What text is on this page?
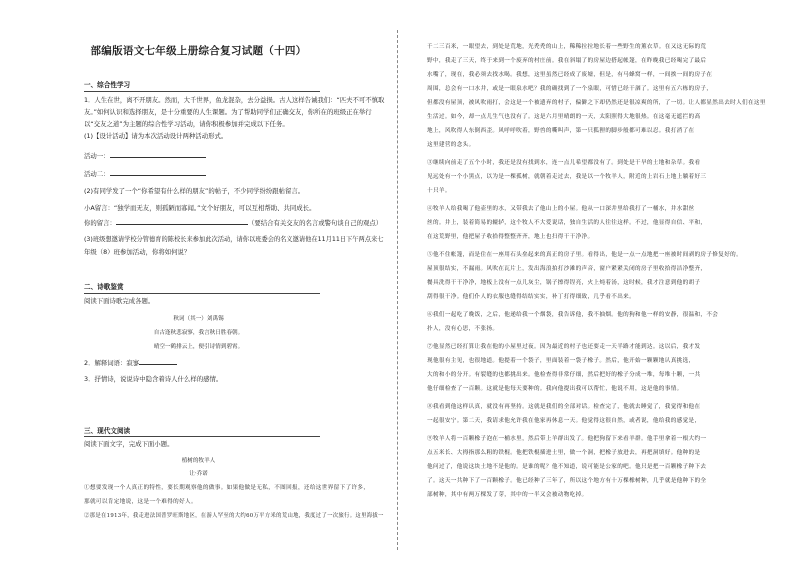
部编版语文七年级上册综合复习试题（十四）
一、综合性学习
1．人生在世，离不开朋友。然而，大千世界，鱼龙混杂，去分益损。古人这样告诫我们：“匹夫不可不慎取
友。”如何认识和选择朋友，是十分重要的人生课题。为了帮助同学们正确交友，你所在的班级正在举行
以“交友之道”为主题的综合性学习活动，请你积极参加并完成以下任务。
(1)【设计活动】请为本次活动设计两种活动形式。
活动一：
活动二：
(2)有同学发了一个“你希望有什么样的朋友”的帖子，不少同学纷纷跟帖留言。
小A留言：“独学而无友，则孤陋而寡闻。”文个好朋友，可以互相帮助、共同成长。
你的留言：	（要结合有关交友的名言或警句谈自己的观点）
(3)班级想邀请学校分管德育的陈校长来参加此次活动，请你以班委会的名义邀请他在11月11日下午两点来七
年级（8）班参加活动，你将如何说？
二、诗歌鉴赏
阅读下面诗歌完成各题。
秋词（其一）刘禹锡
自古逢秋悲寂寥，我言秋日胜春朝。
晴空一鹤排云上，便引诗情到碧霄。
2．解释词语：寂寥
3．抒情诗，说说诗中隐含着诗人什么样的感情。
三、现代文阅读
阅读下面文字，完成下面小题。
植树的牧羊人
让·乔诺
①想要发现一个人真正的特性，要长期观察他的做事。如果他做是无私，不图回报，还给这世界留下了许多，
那就可以肯定地说，这是一个难得的好人。
②那是在1913年，我走进法国普罗旺斯地区，在游人罕至的大约60万平方米的荒山地，我度过了一次旅行。这里海拔一
千二三百米，一眼望去，到处是荒地，光秃秃的山上，稀稀拉拉地长着一些野生的薰衣草。在又这无际的荒
野中，我走了三天，终于来到一个废弃的村庄前。我在斜塌了的房屋边搭起帐篷，在昨晚我已经喝完了最后
水嘴了，现在，我必须去找水喝。我想，这里虽然已经成了废墟，但是，有马蜂窝一样，一间挨一间的房子在
周围，总会有一口水井，或是一眼泉水吧？我的确找到了一个泉眼，可惜已经干涸了。这里有五六栋的房子，
但都没有屋顶，被风吹雨打，会这是一个被遗弃的村子，偏僻之下却仍然还是很凉爽的所，了一切。让人都显然出去时人们在这里
生活过。如今，却一点儿生气也没有了。这是六月里晴朗的一天，太阳照得大地很热。在这毫无遮拦的高
地上，风吹得人东倒西歪。风呼呼吹着，野兽的嘶叫声，第一只狐狸的脚步般都可难以忍。我打消了在
这里建营的念头。
③继续向前走了五个小时，我还是没有找到水，连一点儿希望都没有了。到处是干旱的土地和杂草。我看
见远处有一个小黑点，以为是一棵孤树，就朝着走过去，我是以一个牧羊人，附近的上岩石上地上躺着好三
十只羊。
④牧羊人给我喝了他壶里的水，又带我去了他山上的小屋。他从一口深井里给我打了一桶水，井水甜丝
丝的。井上，装着简易的辘轳，这个牧人不大爱说话，独自生活的人往往这样。不过，他显得自信、平和，
在这荒野里，他把屋子收拾得整整齐齐，地上也扫得干干净净。
⑤他不住帐篷，而是住在一座用石头垒起来的真正的房子里。看得出，他是一点一点地把一座被时间剥的房子修复好的。
屋顶很结实，不漏雨。风吹在瓦片上，发出海浪拍打沙滩的声音，窗户紧紧关闭的房子里收拾得洁净整齐，
餐具洗得干干净净，地板上没有一点儿灰尘，锅子擦得锃亮，火上炖着汤，这时候，我才注意到他的胡子
刮得很干净。他们仆人的衣服也缝得结结实实，补丁打得细致，几乎看不出来。
⑥我们一起吃了晚饭，之后，他递给我一个烟袋，我告诉他，我不抽烟。他的狗和他一样的安静，很温和，不会
扑人，没有心思，不张扬。
⑦他显然已经打算让我在他的小屋里过夜。因为最近的村子也还要走一天半路才能到达。这以后，我才发
现他很有主见，也很地道。他提着一个袋子，里面装着一袋子橡子。然后，他开始一颗颗地认真挑选，
大的和小的分开。有裂缝的也都挑出来。他检查得非常仔细，然后把好的橡子分成一堆，每堆十颗，一共
他仔细检查了一百颗。这就是他每天要种的。我向他提出我可以帮忙，他说不用，这是他的事情。
⑧我看到他这样认真，就没有再坚持。这就是我们的全部对话。检查完了，他就去睡觉了，我觉得和他在
一起很安宁。第二天，我请求他允许我在他家再休息一天。他觉得这很自然，或者说，他给我的感觉是，
⑨牧羊人将一百颗橡子泡在一桶水里，然后带上羊群出发了。他把狗留下来看羊群。他手里拿着一根大约一
点五米长、大拇指那么粗的铁棍。他把铁棍插进土里，做一个洞，把橡子放进去，再把洞填好。他种的是
他问过了，他说这块土地不是他的。是谁的呢？他不知道，说可能是公家的吧。他只是把一百颗橡子种下去
了。这天一共种下了一百颗橡子。他已经种了三年了，所以这个地方有十万棵橡树种，几乎就是他种下的全
部树种，其中有两万棵发了芽，其中的一半又会被动物吃掉。
